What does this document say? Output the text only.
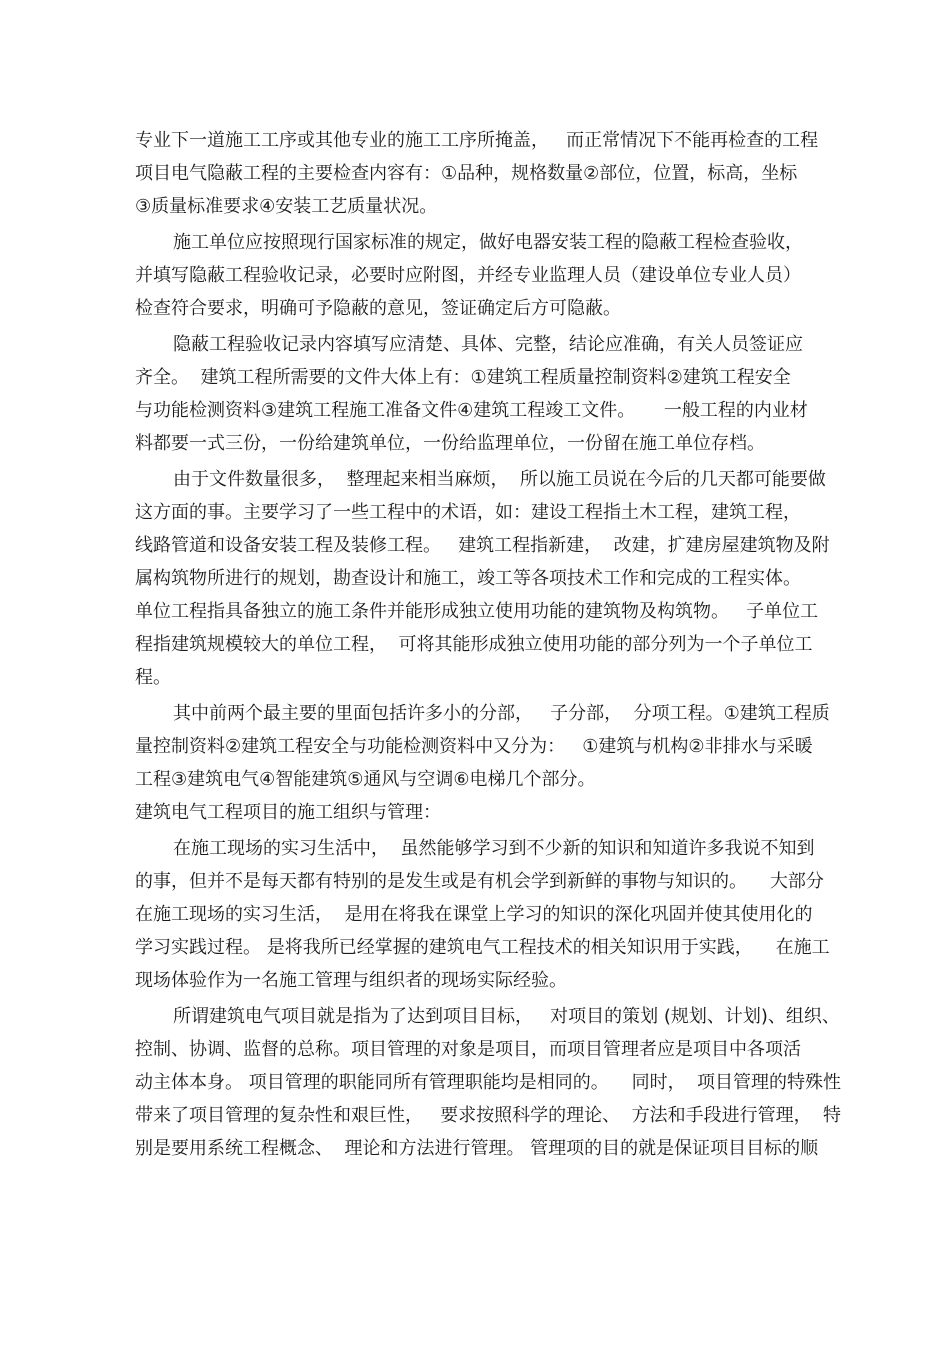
专业下一道施工工序或其他专业的施工工序所掩盖，   而正常情况下不能再检查的工程
项目电气隐蔽工程的主要检查内容有：①品种，规格数量②部位，位置，标高，坐标
③质量标准要求④安装工艺质量状况。
施工单位应按照现行国家标准的规定，做好电器安装工程的隐蔽工程检查验收，
并填写隐蔽工程验收记录，必要时应附图，并经专业监理人员（建设单位专业人员）
检查符合要求，明确可予隐蔽的意见，签证确定后方可隐蔽。
隐蔽工程验收记录内容填写应清楚、具体、完整，结论应准确，有关人员签证应
齐全。  建筑工程所需要的文件大体上有：①建筑工程质量控制资料②建筑工程安全
与功能检测资料③建筑工程施工准备文件④建筑工程竣工文件。     一般工程的内业材
料都要一式三份，一份给建筑单位，一份给监理单位，一份留在施工单位存档。
由于文件数量很多，  整理起来相当麻烦，  所以施工员说在今后的几天都可能要做
这方面的事。主要学习了一些工程中的术语，如：建设工程指土木工程，建筑工程，
线路管道和设备安装工程及装修工程。   建筑工程指新建，  改建，扩建房屋建筑物及附
属构筑物所进行的规划，勘查设计和施工，竣工等各项技术工作和完成的工程实体。
单位工程指具备独立的施工条件并能形成独立使用功能的建筑物及构筑物。   子单位工
程指建筑规模较大的单位工程，  可将其能形成独立使用功能的部分列为一个子单位工
程。
其中前两个最主要的里面包括许多小的分部，   子分部，  分项工程。①建筑工程质
量控制资料②建筑工程安全与功能检测资料中又分为：   ①建筑与机构②非排水与采暖
工程③建筑电气④智能建筑⑤通风与空调⑥电梯几个部分。
建筑电气工程项目的施工组织与管理：
在施工现场的实习生活中，  虽然能够学习到不少新的知识和知道许多我说不知到
的事，但并不是每天都有特别的是发生或是有机会学到新鲜的事物与知识的。    大部分
在施工现场的实习生活，  是用在将我在课堂上学习的知识的深化巩固并使其使用化的
学习实践过程。 是将我所已经掌握的建筑电气工程技术的相关知识用于实践，    在施工
现场体验作为一名施工管理与组织者的现场实际经验。
所谓建筑电气项目就是指为了达到项目目标，   对项目的策划 (规划、计划)、组织、
控制、协调、监督的总称。项目管理的对象是项目，而项目管理者应是项目中各项活
动主体本身。 项目管理的职能同所有管理职能均是相同的。    同时，  项目管理的特殊性
带来了项目管理的复杂性和艰巨性，   要求按照科学的理论、  方法和手段进行管理，  特
别是要用系统工程概念、  理论和方法进行管理。 管理项的目的就是保证项目目标的顺
